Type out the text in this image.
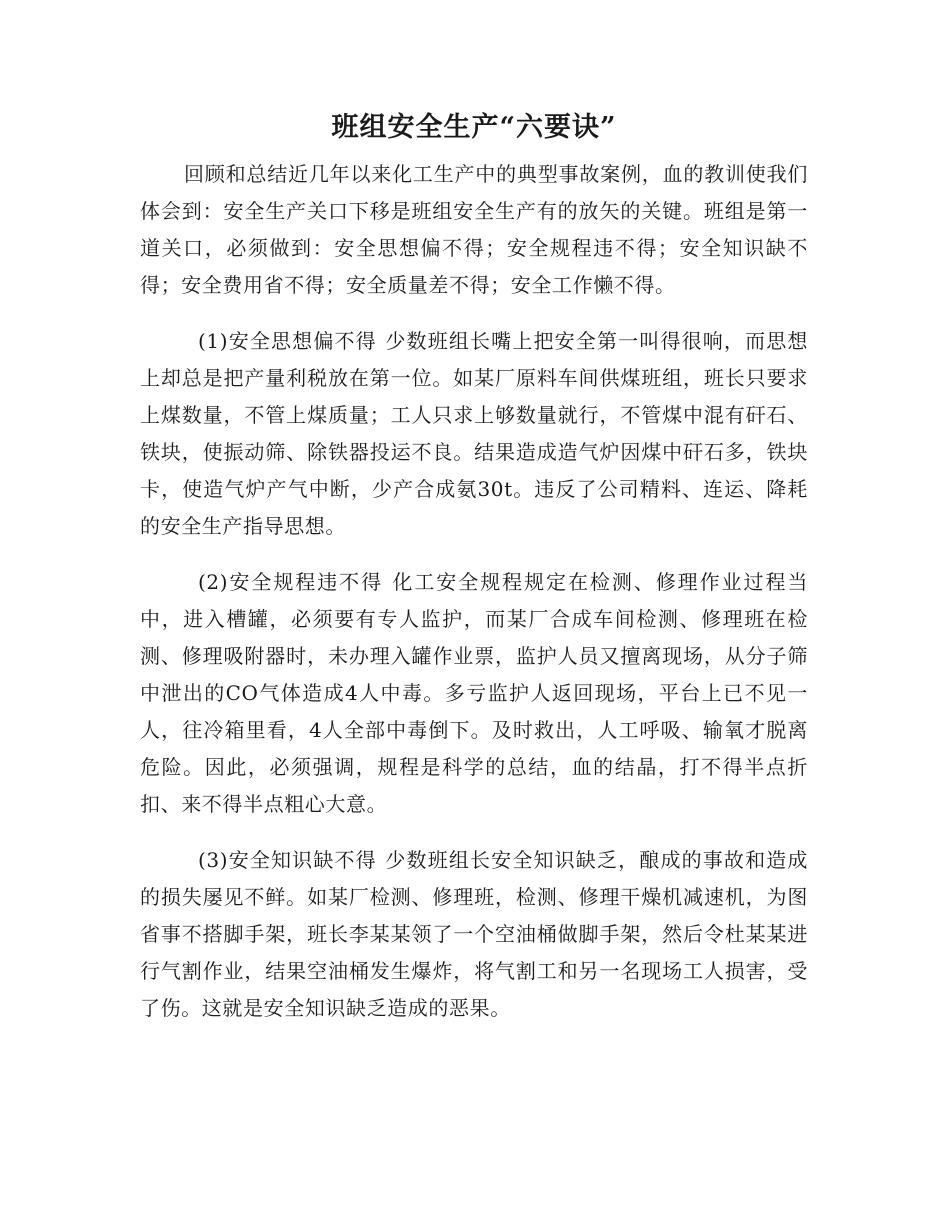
班组安全生产“六要诀”

回顾和总结近几年以来化工生产中的典型事故案例，血的教训使我们体会到：安全生产关口下移是班组安全生产有的放矢的关键。班组是第一道关口，必须做到：安全思想偏不得；安全规程违不得；安全知识缺不得；安全费用省不得；安全质量差不得；安全工作懒不得。

(1)安全思想偏不得 少数班组长嘴上把安全第一叫得很响，而思想上却总是把产量利税放在第一位。如某厂原料车间供煤班组，班长只要求上煤数量，不管上煤质量；工人只求上够数量就行，不管煤中混有矸石、铁块，使振动筛、除铁器投运不良。结果造成造气炉因煤中矸石多，铁块卡，使造气炉产气中断，少产合成氨30t。违反了公司精料、连运、降耗的安全生产指导思想。

(2)安全规程违不得 化工安全规程规定在检测、修理作业过程当中，进入槽罐，必须要有专人监护，而某厂合成车间检测、修理班在检测、修理吸附器时，未办理入罐作业票，监护人员又擅离现场，从分子筛中泄出的CO气体造成4人中毒。多亏监护人返回现场，平台上已不见一人，往冷箱里看，4人全部中毒倒下。及时救出，人工呼吸、输氧才脱离危险。因此，必须强调，规程是科学的总结，血的结晶，打不得半点折扣、来不得半点粗心大意。

(3)安全知识缺不得 少数班组长安全知识缺乏，酿成的事故和造成的损失屡见不鲜。如某厂检测、修理班，检测、修理干燥机减速机，为图省事不搭脚手架，班长李某某领了一个空油桶做脚手架，然后令杜某某进行气割作业，结果空油桶发生爆炸，将气割工和另一名现场工人损害，受了伤。这就是安全知识缺乏造成的恶果。
